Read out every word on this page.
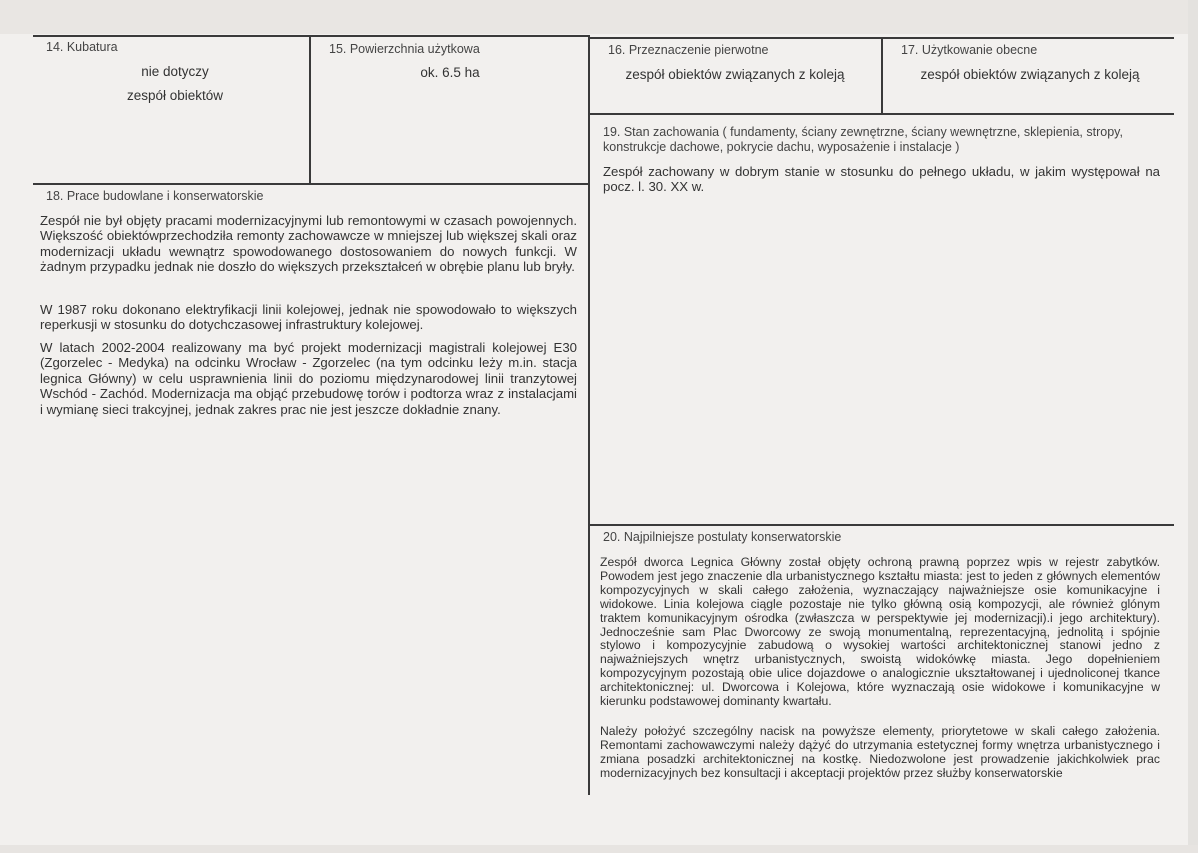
14. Kubatura
nie dotyczy
zespół obiektów
15. Powierzchnia użytkowa
ok. 6.5 ha
16. Przeznaczenie pierwotne
zespół obiektów związanych z koleją
17. Użytkowanie obecne
zespół obiektów związanych z koleją
19. Stan zachowania ( fundamenty, ściany zewnętrzne, ściany wewnętrzne, sklepienia, stropy, konstrukcje dachowe, pokrycie dachu, wyposażenie i instalacje )

Zespół zachowany w dobrym stanie w stosunku do pełnego układu, w jakim występował na pocz. l. 30. XX w.

18. Prace budowlane i konserwatorskie

Zespół nie był objęty pracami modernizacyjnymi lub remontowymi w czasach powojennych. Większość obiektówprzechodziła remonty zachowawcze w mniejszej lub większej skali oraz modernizacji układu wewnątrz spowodowanego dostosowaniem do nowych funkcji. W żadnym przypadku jednak nie doszło do większych przekształceń w obrębie planu lub bryły.

W 1987 roku dokonano elektryfikacji linii kolejowej, jednak nie spowodowało to większych reperkusji w stosunku do dotychczasowej infrastruktury kolejowej.

W latach 2002-2004 realizowany ma być projekt modernizacji magistrali kolejowej E30 (Zgorzelec - Medyka) na odcinku Wrocław - Zgorzelec (na tym odcinku leży m.in. stacja legnica Główny) w celu usprawnienia linii do poziomu międzynarodowej linii tranzytowej Wschód - Zachód. Modernizacja ma objąć przebudowę torów i podtorza wraz z instalacjami i wymianę sieci trakcyjnej, jednak zakres prac nie jest jeszcze dokładnie znany.

20. Najpilniejsze postulaty konserwatorskie

Zespół dworca Legnica Główny został objęty ochroną prawną poprzez wpis w rejestr zabytków. Powodem jest jego znaczenie dla urbanistycznego kształtu miasta: jest to jeden z głównych elementów kompozycyjnych w skali całego założenia, wyznaczający najważniejsze osie komunikacyjne i widokowe. Linia kolejowa ciągle pozostaje nie tylko główną osią kompozycji, ale również glónym traktem komunikacyjnym ośrodka (zwłaszcza w perspektywie jej modernizacji).i jego architektury). Jednocześnie sam Plac Dworcowy ze swoją monumentalną, reprezentacyjną, jednolitą i spójnie stylowo i kompozycyjnie zabudową o wysokiej wartości architektonicznej stanowi jedno z najważniejszych wnętrz urbanistycznych, swoistą widokówkę miasta. Jego dopełnieniem kompozycyjnym pozostają obie ulice dojazdowe o analogicznie ukształtowanej i ujednoliconej tkance architektonicznej: ul. Dworcowa i Kolejowa, które wyznaczają osie widokowe i komunikacyjne w kierunku podstawowej dominanty kwartału.

Należy położyć szczególny nacisk na powyższe elementy, priorytetowe w skali całego założenia. Remontami zachowawczymi należy dążyć do utrzymania estetycznej formy wnętrza urbanistycznego i zmiana posadzki architektonicznej na kostkę. Niedozwolone jest prowadzenie jakichkolwiek prac modernizacyjnych bez konsultacji i akceptacji projektów przez służby konserwatorskie
